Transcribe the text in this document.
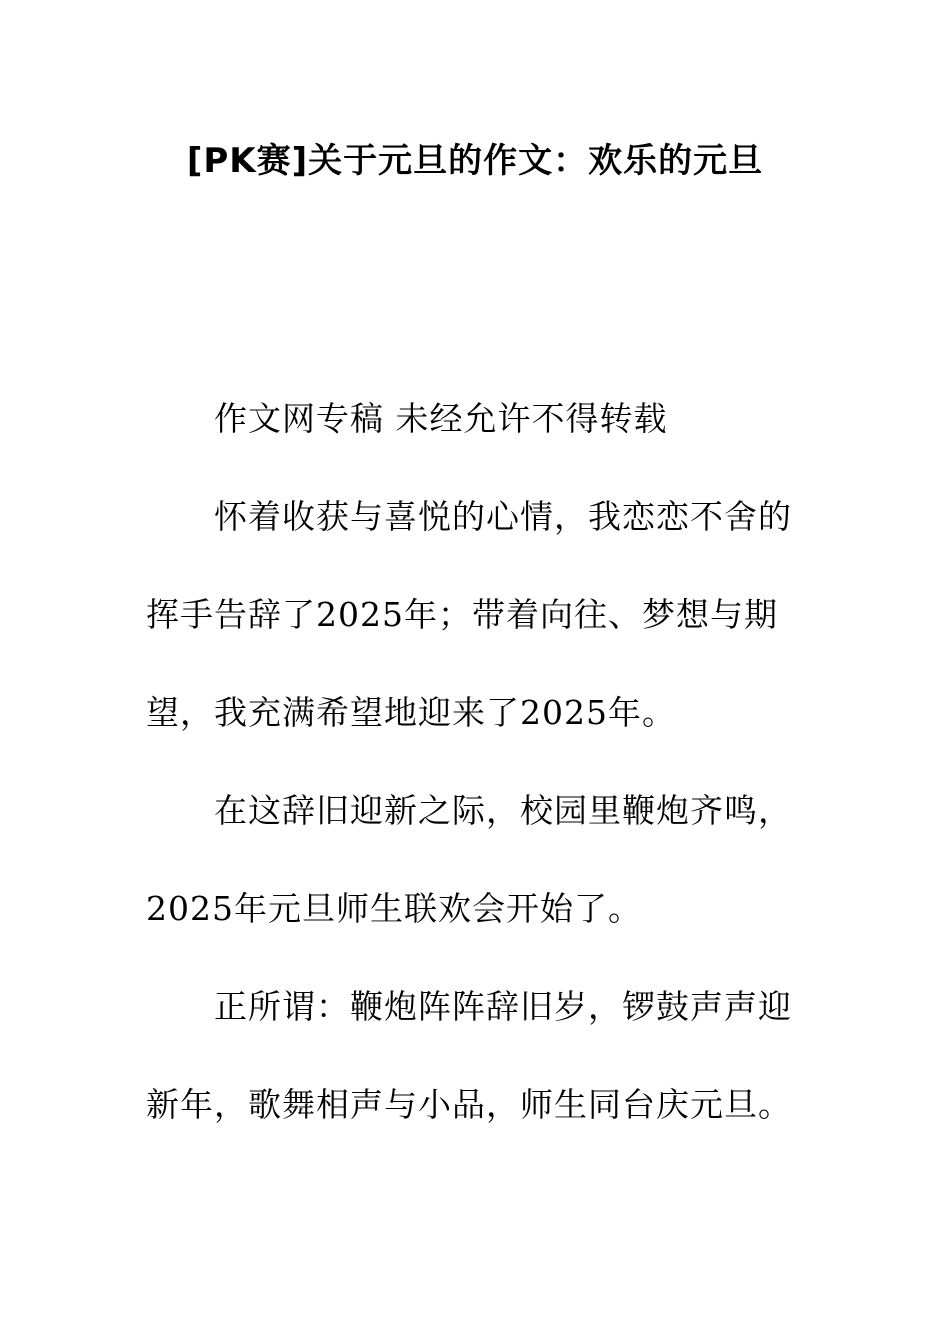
[PK赛]关于元旦的作文：欢乐的元旦

作文网专稿 未经允许不得转载

怀着收获与喜悦的心情，我恋恋不舍的挥手告辞了2025年；带着向往、梦想与期望，我充满希望地迎来了2025年。

在这辞旧迎新之际，校园里鞭炮齐鸣，2025年元旦师生联欢会开始了。

正所谓：鞭炮阵阵辞旧岁，锣鼓声声迎新年，歌舞相声与小品，师生同台庆元旦。
